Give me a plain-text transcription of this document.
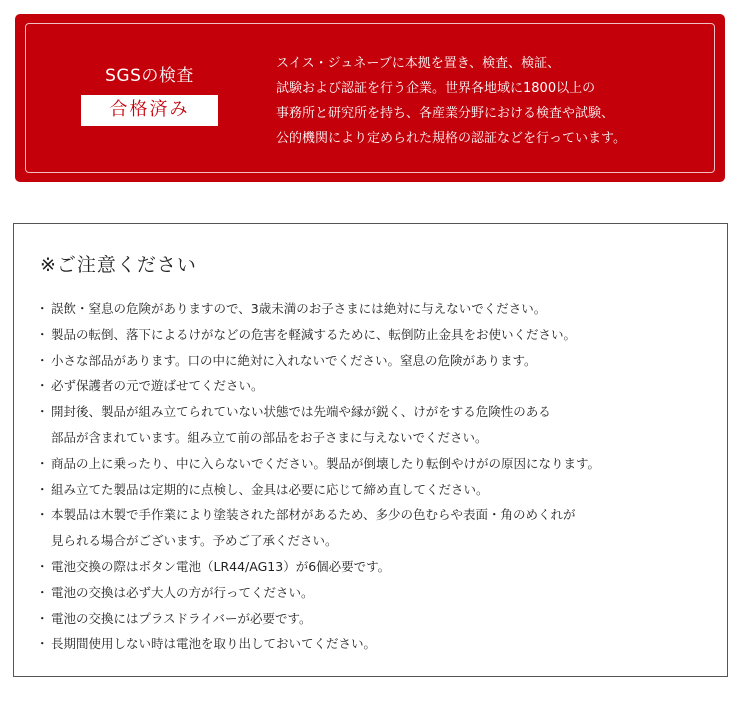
SGSの検査
合格済み
スイス・ジュネーブに本拠を置き、検査、検証、
試験および認証を行う企業。世界各地域に1800以上の
事務所と研究所を持ち、各産業分野における検査や試験、
公的機関により定められた規格の認証などを行っています。
※ご注意ください
・ 誤飲・窒息の危険がありますので、3歳未満のお子さまには絶対に与えないでください。
・ 製品の転倒、落下によるけがなどの危害を軽減するために、転倒防止金具をお使いください。
・ 小さな部品があります。口の中に絶対に入れないでください。窒息の危険があります。
・ 必ず保護者の元で遊ばせてください。
・ 開封後、製品が組み立てられていない状態では先端や縁が鋭く、けがをする危険性のある
部品が含まれています。組み立て前の部品をお子さまに与えないでください。
・ 商品の上に乗ったり、中に入らないでください。製品が倒壊したり転倒やけがの原因になります。
・ 組み立てた製品は定期的に点検し、金具は必要に応じて締め直してください。
・ 本製品は木製で手作業により塗装された部材があるため、多少の色むらや表面・角のめくれが
見られる場合がございます。予めご了承ください。
・ 電池交換の際はボタン電池（LR44/AG13）が6個必要です。
・ 電池の交換は必ず大人の方が行ってください。
・ 電池の交換にはプラスドライバーが必要です。
・ 長期間使用しない時は電池を取り出しておいてください。
